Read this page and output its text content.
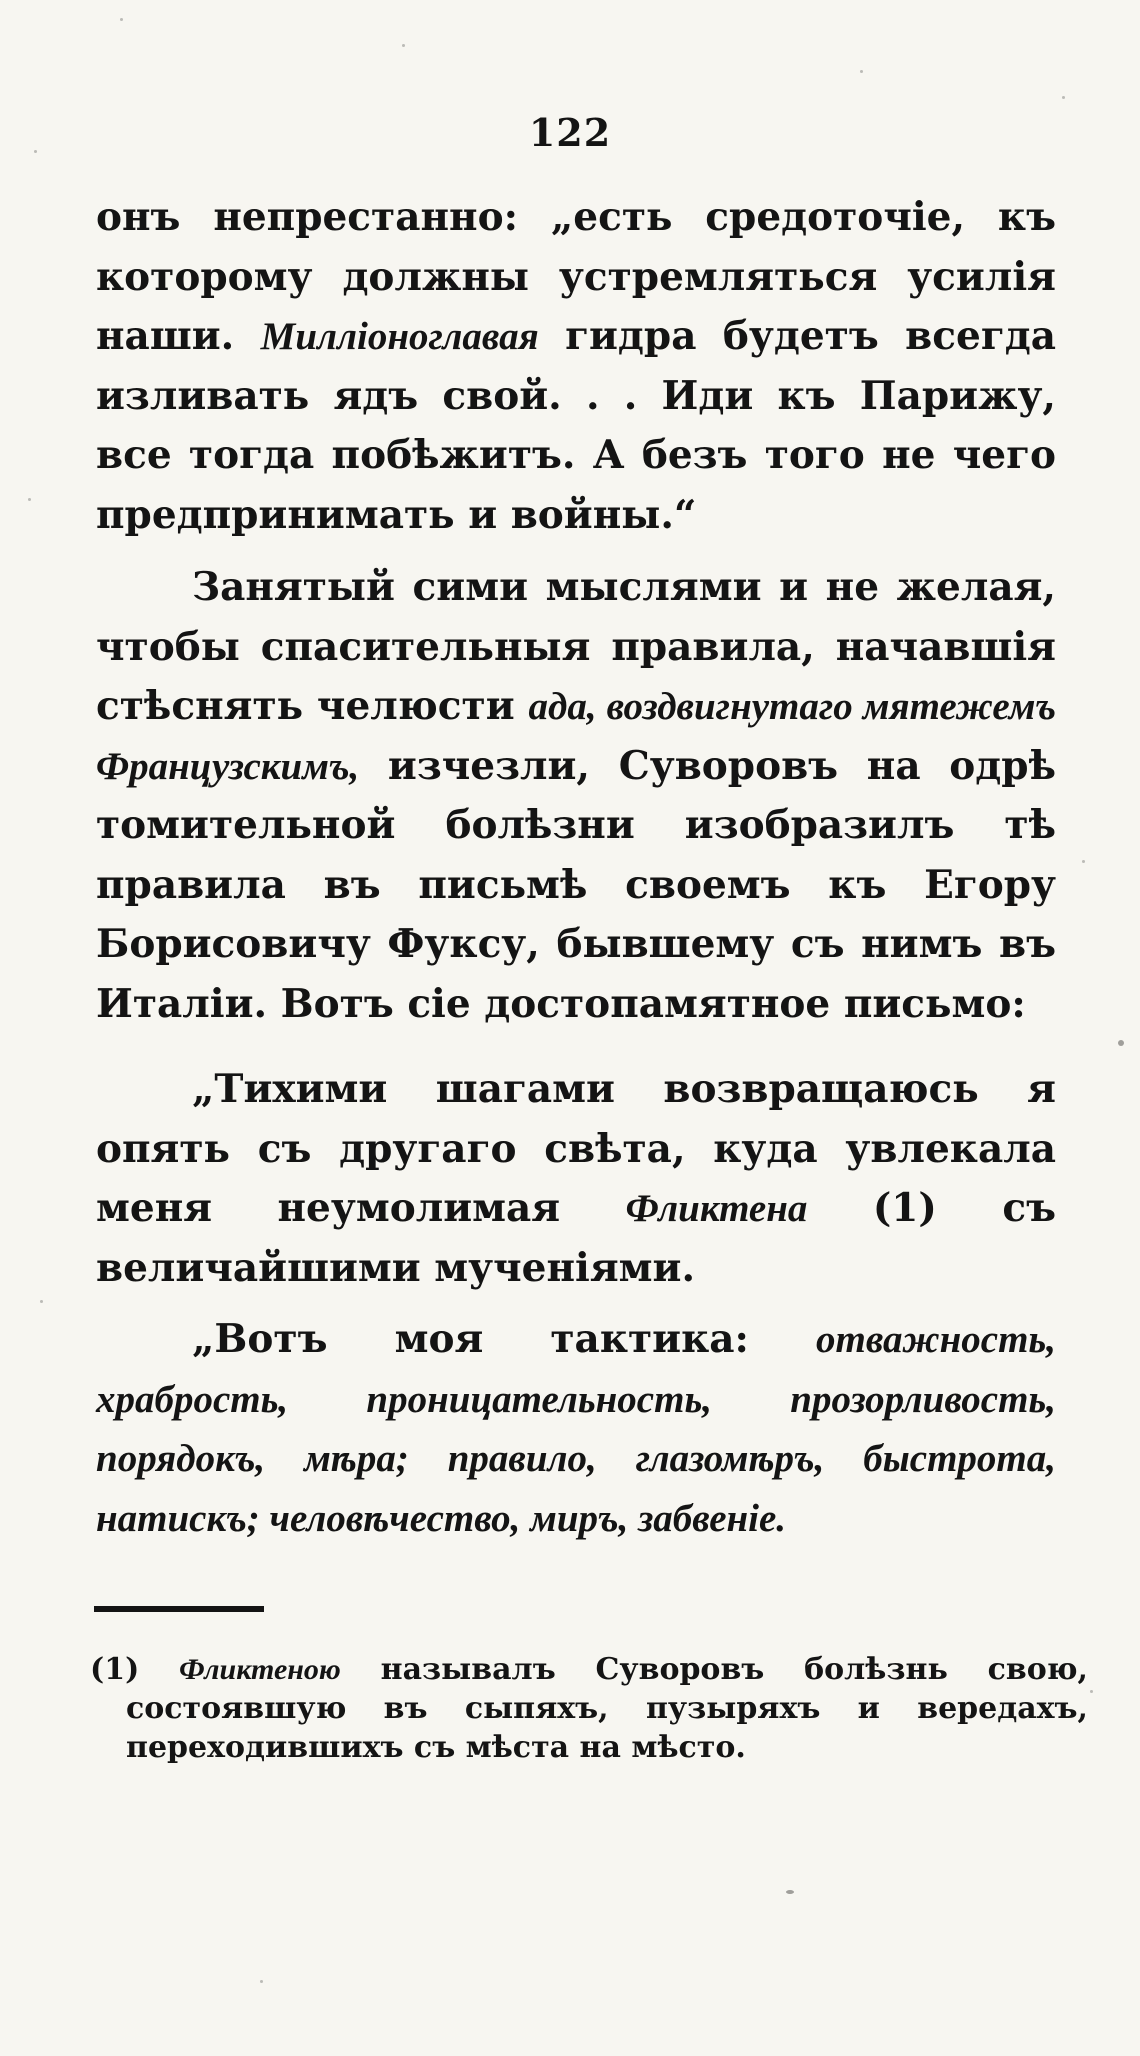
122

онъ непрестанно: „есть средоточіе, къ которому должны устремляться усилія наши. Милліоноглавая гидра будетъ всегда изливать ядъ свой. . . Иди къ Парижу, все тогда побѣжитъ. А безъ того не чего предпринимать и войны.“

Занятый сими мыслями и не желая, чтобы спасительныя правила, начавшія стѣснять челюсти ада, воздвигнутаго мятежемъ Французскимъ, изчезли, Суворовъ на одрѣ томительной болѣзни изобразилъ тѣ правила въ письмѣ своемъ къ Егору Борисовичу Фуксу, бывшему съ нимъ въ Италіи. Вотъ сіе достопамятное письмо:

„Тихими шагами возвращаюсь я опять съ другаго свѣта, куда увлекала меня неумолимая Фликтена (1) съ величайшими мученіями.

„Вотъ моя тактика: отважность, храбрость, проницательность, прозорливость, порядокъ, мѣра; правило, глазомѣръ, быстрота, натискъ; человѣчество, миръ, забвеніе.

(1) Фликтеною называлъ Суворовъ болѣзнь свою, состоявшую въ сыпяхъ, пузыряхъ и вередахъ, переходившихъ съ мѣста на мѣсто.
